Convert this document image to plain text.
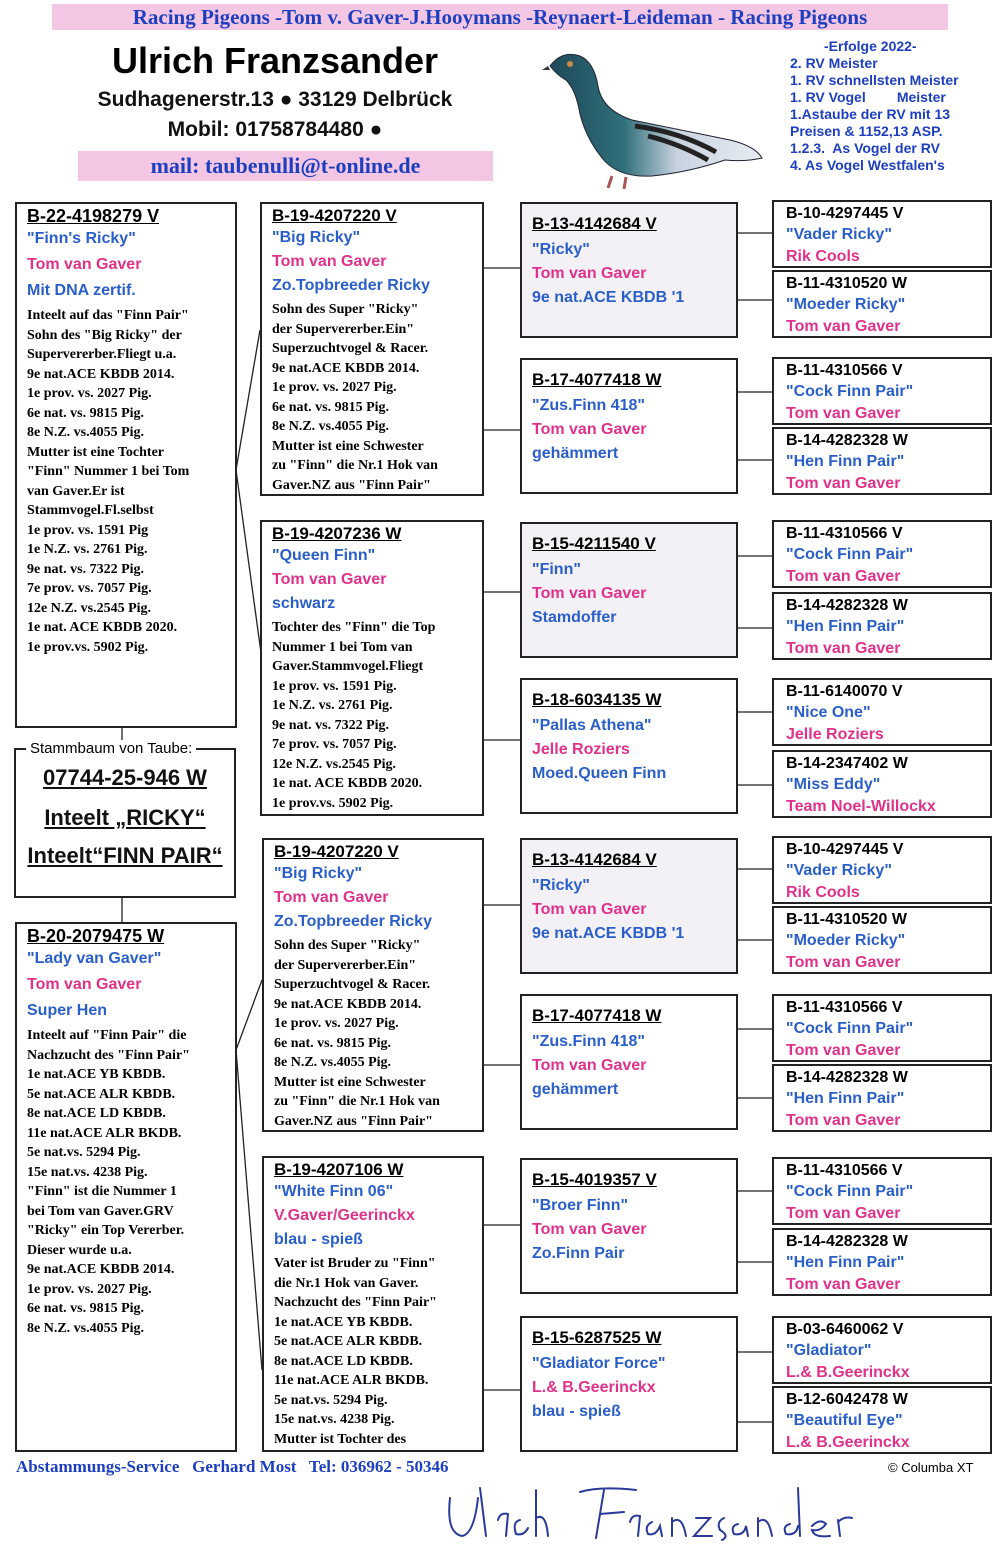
Racing Pigeons -Tom v. Gaver-J.Hooymans -Reynaert-Leideman - Racing Pigeons
Ulrich Franzsander
Sudhagenerstr.13 ● 33129 Delbrück
Mobil: 01758784480 ●
mail: taubenulli@t-online.de
-Erfolge 2022-
2. RV Meister
1. RV schnellsten Meister
1. RV Vogel        Meister
1.Astaube der RV mit 13
Preisen & 1152,13 ASP.
1.2.3.  As Vogel der RV
4. As Vogel Westfalen's
B-22-4198279 V
"Finn's Ricky"
Tom van Gaver
Mit DNA zertif.
Inteelt auf das "Finn Pair"
Sohn des "Big Ricky" der
Supervererber.Fliegt u.a.
9e nat.ACE KBDB 2014.
1e prov. vs. 2027 Pig.
6e nat. vs. 9815 Pig.
8e N.Z. vs.4055 Pig.
Mutter ist eine Tochter
"Finn" Nummer 1 bei Tom
van Gaver.Er ist
Stammvogel.Fl.selbst
1e prov. vs. 1591 Pig
1e N.Z. vs. 2761 Pig.
9e nat. vs. 7322 Pig.
7e prov. vs. 7057 Pig.
12e N.Z. vs.2545 Pig.
1e nat. ACE KBDB 2020.
1e prov.vs. 5902 Pig.
Stammbaum von Taube:
07744-25-946 W
Inteelt „RICKY“
Inteelt“FINN PAIR“
B-20-2079475 W
"Lady van Gaver"
Tom van Gaver
Super Hen
Inteelt auf "Finn Pair" die
Nachzucht des "Finn Pair"
1e nat.ACE YB KBDB.
5e nat.ACE ALR KBDB.
8e nat.ACE LD KBDB.
11e nat.ACE ALR BKDB.
5e nat.vs. 5294 Pig.
15e nat.vs. 4238 Pig.
"Finn" ist die Nummer 1
bei Tom van Gaver.GRV
"Ricky" ein Top Vererber.
Dieser wurde u.a.
9e nat.ACE KBDB 2014.
1e prov. vs. 2027 Pig.
6e nat. vs. 9815 Pig.
8e N.Z. vs.4055 Pig.
B-19-4207220 V
"Big Ricky"
Tom van Gaver
Zo.Topbreeder Ricky
Sohn des Super "Ricky"
der Supervererber.Ein"
Superzuchtvogel & Racer.
9e nat.ACE KBDB 2014.
1e prov. vs. 2027 Pig.
6e nat. vs. 9815 Pig.
8e N.Z. vs.4055 Pig.
Mutter ist eine Schwester
zu "Finn" die Nr.1 Hok van
Gaver.NZ aus "Finn Pair"
B-19-4207236 W
"Queen Finn"
Tom van Gaver
schwarz
Tochter des "Finn" die Top
Nummer 1 bei Tom van
Gaver.Stammvogel.Fliegt
1e prov. vs. 1591 Pig.
1e N.Z. vs. 2761 Pig.
9e nat. vs. 7322 Pig.
7e prov. vs. 7057 Pig.
12e N.Z. vs.2545 Pig.
1e nat. ACE KBDB 2020.
1e prov.vs. 5902 Pig.
B-19-4207220 V
"Big Ricky"
Tom van Gaver
Zo.Topbreeder Ricky
Sohn des Super "Ricky"
der Supervererber.Ein"
Superzuchtvogel & Racer.
9e nat.ACE KBDB 2014.
1e prov. vs. 2027 Pig.
6e nat. vs. 9815 Pig.
8e N.Z. vs.4055 Pig.
Mutter ist eine Schwester
zu "Finn" die Nr.1 Hok van
Gaver.NZ aus "Finn Pair"
B-19-4207106 W
"White Finn 06"
V.Gaver/Geerinckx
blau - spieß
Vater ist Bruder zu "Finn"
die Nr.1 Hok van Gaver.
Nachzucht des "Finn Pair"
1e nat.ACE YB KBDB.
5e nat.ACE ALR KBDB.
8e nat.ACE LD KBDB.
11e nat.ACE ALR BKDB.
5e nat.vs. 5294 Pig.
15e nat.vs. 4238 Pig.
Mutter ist Tochter des
B-13-4142684 V
"Ricky"
Tom van Gaver
9e nat.ACE KBDB '1
B-17-4077418 W
"Zus.Finn 418"
Tom van Gaver
gehämmert
B-15-4211540 V
"Finn"
Tom van Gaver
Stamdoffer
B-18-6034135 W
"Pallas Athena"
Jelle Roziers
Moed.Queen Finn
B-13-4142684 V
"Ricky"
Tom van Gaver
9e nat.ACE KBDB '1
B-17-4077418 W
"Zus.Finn 418"
Tom van Gaver
gehämmert
B-15-4019357 V
"Broer Finn"
Tom van Gaver
Zo.Finn Pair
B-15-6287525 W
"Gladiator Force"
L.& B.Geerinckx
blau - spieß
B-10-4297445 V
"Vader Ricky"
Rik Cools
B-11-4310520 W
"Moeder Ricky"
Tom van Gaver
B-11-4310566 V
"Cock Finn Pair"
Tom van Gaver
B-14-4282328 W
"Hen Finn Pair"
Tom van Gaver
B-11-4310566 V
"Cock Finn Pair"
Tom van Gaver
B-14-4282328 W
"Hen Finn Pair"
Tom van Gaver
B-11-6140070 V
"Nice One"
Jelle Roziers
B-14-2347402 W
"Miss Eddy"
Team Noel-Willockx
B-10-4297445 V
"Vader Ricky"
Rik Cools
B-11-4310520 W
"Moeder Ricky"
Tom van Gaver
B-11-4310566 V
"Cock Finn Pair"
Tom van Gaver
B-14-4282328 W
"Hen Finn Pair"
Tom van Gaver
B-11-4310566 V
"Cock Finn Pair"
Tom van Gaver
B-14-4282328 W
"Hen Finn Pair"
Tom van Gaver
B-03-6460062 V
"Gladiator"
L.& B.Geerinckx
B-12-6042478 W
"Beautiful Eye"
L.& B.Geerinckx
Abstammungs-Service   Gerhard Most   Tel: 036962 - 50346	© Columba XT
